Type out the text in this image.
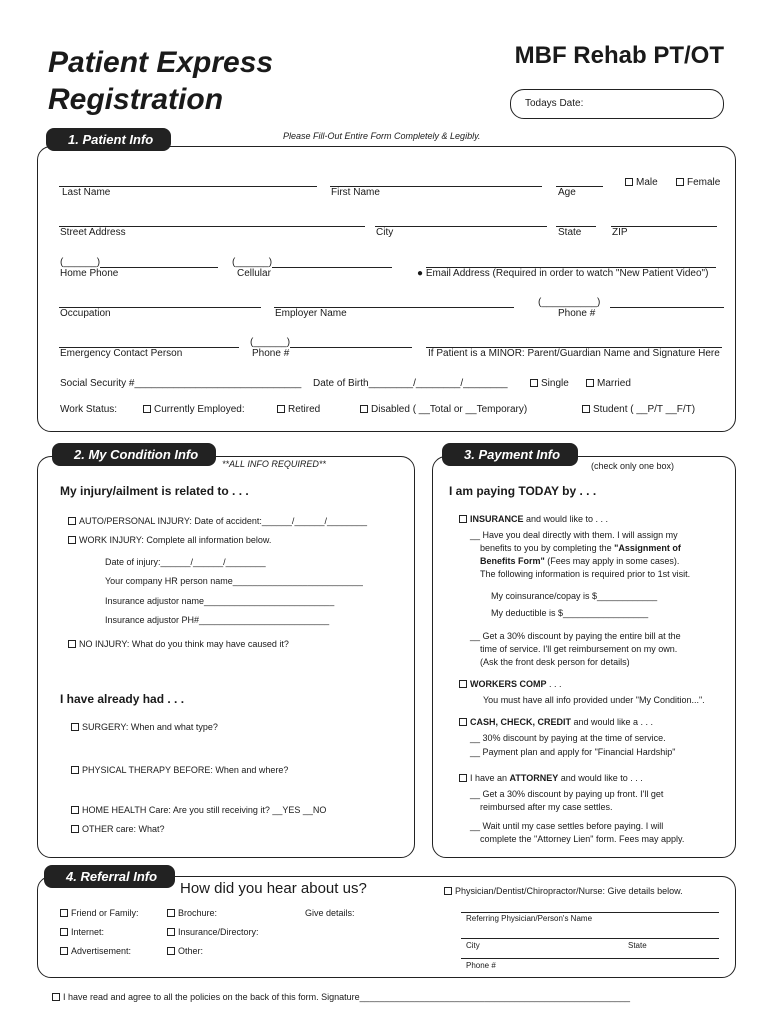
Patient Express
Registration
MBF Rehab PT/OT
Todays Date:
1. Patient Info	Please Fill-Out Entire Form Completely & Legibly.
Male	Female
Last Name	First Name	Age
Street Address	City	State	ZIP
(______)	(______)
Home Phone	Cellular	● Email Address (Required in order to watch "New Patient Video")
(__________)
Occupation	Employer Name	Phone #
(______)
Emergency Contact Person	Phone #	If Patient is a MINOR: Parent/Guardian Name and Signature Here
Social Security #______________________________ Date of Birth________/________/________	Single	Married
Work Status:	Currently Employed:	Retired	Disabled ( __Total or __Temporary)	Student ( __P/T __F/T)
2. My Condition Info
**ALL INFO REQUIRED**
My injury/ailment is related to . . .
AUTO/PERSONAL INJURY: Date of accident:______/______/________
WORK INJURY: Complete all information below.
Date of injury:______/______/________
Your company HR person name__________________________
Insurance adjustor name__________________________
Insurance adjustor PH#__________________________
NO INJURY: What do you think may have caused it?
I have already had . . .
SURGERY: When and what type?
PHYSICAL THERAPY BEFORE: When and where?
HOME HEALTH Care: Are you still receiving it? __YES __NO
OTHER care: What?
3. Payment Info
(check only one box)
I am paying TODAY by . . .
INSURANCE and would like to . . .
__ Have you deal directly with them. I will assign my
benefits to you by completing the "Assignment of
Benefits Form" (Fees may apply in some cases).
The following information is required prior to 1st visit.
My coinsurance/copay is $____________
My deductible is $_________________
__ Get a 30% discount by paying the entire bill at the
time of service. I'll get reimbursement on my own.
(Ask the front desk person for details)
WORKERS COMP . . .
You must have all info provided under "My Condition...".
CASH, CHECK, CREDIT and would like a . . .
__ 30% discount by paying at the time of service.
__ Payment plan and apply for "Financial Hardship"
I have an ATTORNEY and would like to . . .
__ Get a 30% discount by paying up front. I'll get
reimbursed after my case settles.
__ Wait until my case settles before paying. I will
complete the "Attorney Lien" form. Fees may apply.
4. Referral Info
How did you hear about us?	Physician/Dentist/Chiropractor/Nurse: Give details below.
Friend or Family:	Brochure:	Give details:
Internet:	Insurance/Directory:
Advertisement:	Other:
Referring Physician/Person's Name
City	State
Phone #
I have read and agree to all the policies on the back of this form. Signature______________________________________________________
